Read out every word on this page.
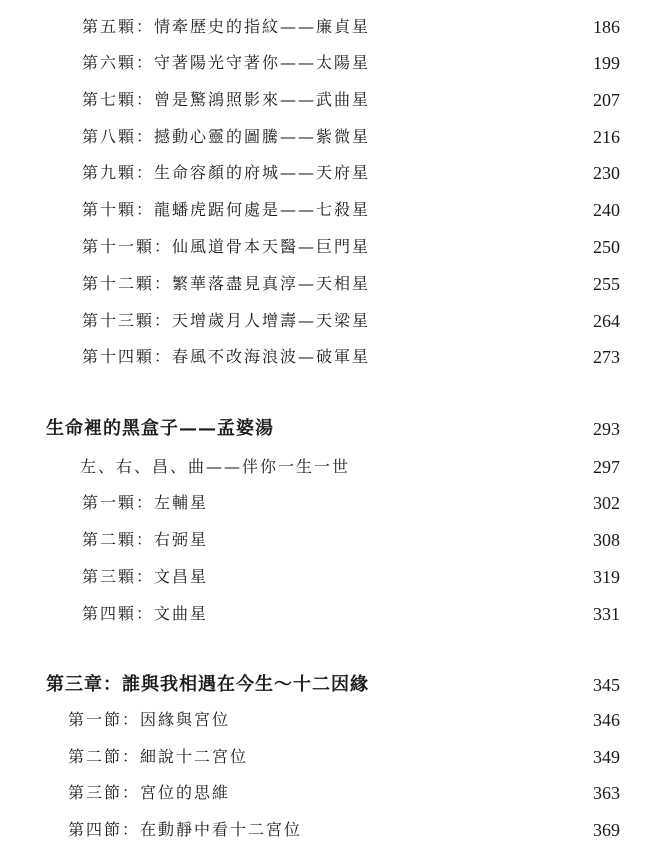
第五顆：情牽歷史的指紋——廉貞星	186
第六顆：守著陽光守著你——太陽星	199
第七顆：曾是驚鴻照影來——武曲星	207
第八顆：撼動心靈的圖騰——紫微星	216
第九顆：生命容顏的府城——天府星	230
第十顆：龍蟠虎踞何處是——七殺星	240
第十一顆：仙風道骨本天醫—巨門星	250
第十二顆：繁華落盡見真淳—天相星	255
第十三顆：天增歲月人增壽—天梁星	264
第十四顆：春風不改海浪波—破軍星	273
生命裡的黑盒子——孟婆湯	293
左、右、昌、曲——伴你一生一世	297
第一顆：左輔星	302
第二顆：右弼星	308
第三顆：文昌星	319
第四顆：文曲星	331
第三章：誰與我相遇在今生～十二因緣	345
第一節：因緣與宮位	346
第二節：細說十二宮位	349
第三節：宮位的思維	363
第四節：在動靜中看十二宮位	369
